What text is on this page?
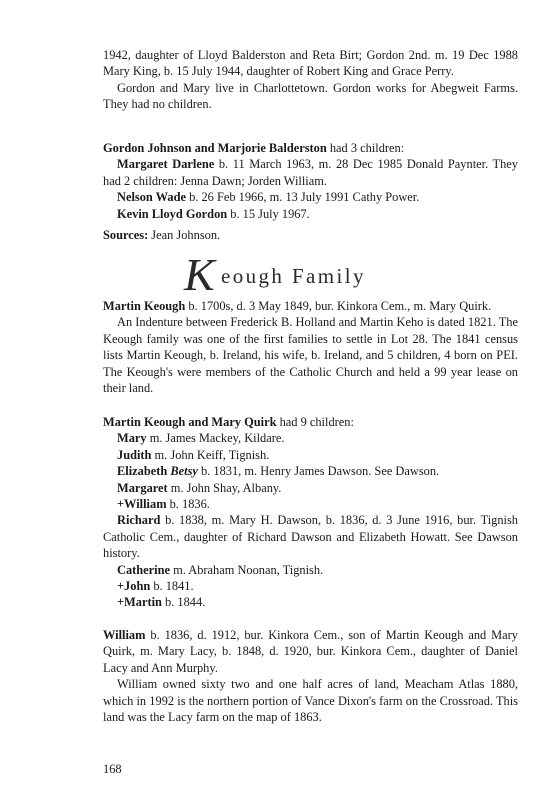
1942, daughter of Lloyd Balderston and Reta Birt; Gordon 2nd. m. 19 Dec 1988 Mary King, b. 15 July 1944, daughter of Robert King and Grace Perry.

Gordon and Mary live in Charlottetown. Gordon works for Abegweit Farms. They had no children.

Gordon Johnson and Marjorie Balderston had 3 children:

Margaret Darlene b. 11 March 1963, m. 28 Dec 1985 Donald Paynter. They had 2 children: Jenna Dawn; Jorden William.

Nelson Wade b. 26 Feb 1966, m. 13 July 1991 Cathy Power.

Kevin Lloyd Gordon b. 15 July 1967.

Sources: Jean Johnson.

K eough Family

Martin Keough b. 1700s, d. 3 May 1849, bur. Kinkora Cem., m. Mary Quirk.

An Indenture between Frederick B. Holland and Martin Keho is dated 1821. The Keough family was one of the first families to settle in Lot 28. The 1841 census lists Martin Keough, b. Ireland, his wife, b. Ireland, and 5 children, 4 born on PEI. The Keough's were members of the Catholic Church and held a 99 year lease on their land.

Martin Keough and Mary Quirk had 9 children:

Mary m. James Mackey, Kildare.

Judith m. John Keiff, Tignish.

Elizabeth Betsy b. 1831, m. Henry James Dawson. See Dawson.

Margaret m. John Shay, Albany.

+William b. 1836.

Richard b. 1838, m. Mary H. Dawson, b. 1836, d. 3 June 1916, bur. Tignish Catholic Cem., daughter of Richard Dawson and Elizabeth Howatt. See Dawson history.

Catherine m. Abraham Noonan, Tignish.

+John b. 1841.

+Martin b. 1844.

William b. 1836, d. 1912, bur. Kinkora Cem., son of Martin Keough and Mary Quirk, m. Mary Lacy, b. 1848, d. 1920, bur. Kinkora Cem., daughter of Daniel Lacy and Ann Murphy.

William owned sixty two and one half acres of land, Meacham Atlas 1880, which in 1992 is the northern portion of Vance Dixon's farm on the Crossroad. This land was the Lacy farm on the map of 1863.

168
